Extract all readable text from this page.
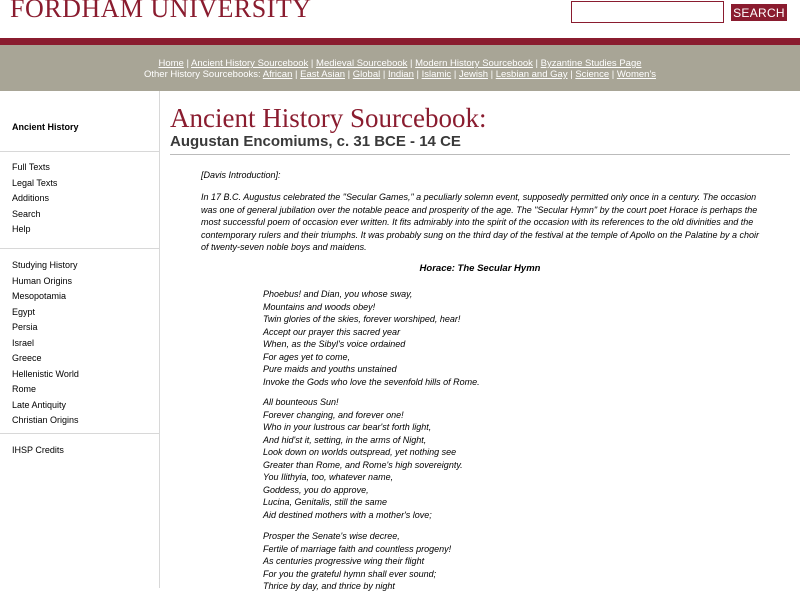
FORDHAM UNIVERSITY	SEARCH
Home | Ancient History Sourcebook | Medieval Sourcebook | Modern History Sourcebook | Byzantine Studies Page
Other History Sourcebooks: African | East Asian | Global | Indian | Islamic | Jewish | Lesbian and Gay | Science | Women's
Ancient History
Full Texts
Legal Texts
Additions
Search
Help
Studying History
Human Origins
Mesopotamia
Egypt
Persia
Israel
Greece
Hellenistic World
Rome
Late Antiquity
Christian Origins
IHSP Credits
Ancient History Sourcebook:
Augustan Encomiums, c. 31 BCE - 14 CE
[Davis Introduction]:

In 17 B.C. Augustus celebrated the "Secular Games," a peculiarly solemn event, supposedly permitted only once in a century. The occasion was one of general jubilation over the notable peace and prosperity of the age. The "Secular Hymn" by the court poet Horace is perhaps the most successful poem of occasion ever written. It fits admirably into the spirit of the occasion with its references to the old divinities and the contemporary rulers and their triumphs. It was probably sung on the third day of the festival at the temple of Apollo on the Palatine by a choir of twenty-seven noble boys and maidens.

Horace: The Secular Hymn
Phoebus! and Dian, you whose sway,
Mountains and woods obey!
Twin glories of the skies, forever worshiped, hear!
Accept our prayer this sacred year
When, as the Sibyl's voice ordained
For ages yet to come,
Pure maids and youths unstained
Invoke the Gods who love the sevenfold hills of Rome.
All bounteous Sun!
Forever changing, and forever one!
Who in your lustrous car bear'st forth light,
And hid'st it, setting, in the arms of Night,
Look down on worlds outspread, yet nothing see
Greater than Rome, and Rome's high sovereignty.
You Ilithyia, too, whatever name,
Goddess, you do approve,
Lucina, Genitalis, still the same
Aid destined mothers with a mother's love;
Prosper the Senate's wise decree,
Fertile of marriage faith and countless progeny!
As centuries progressive wing their flight
For you the grateful hymn shall ever sound;
Thrice by day, and thrice by night
